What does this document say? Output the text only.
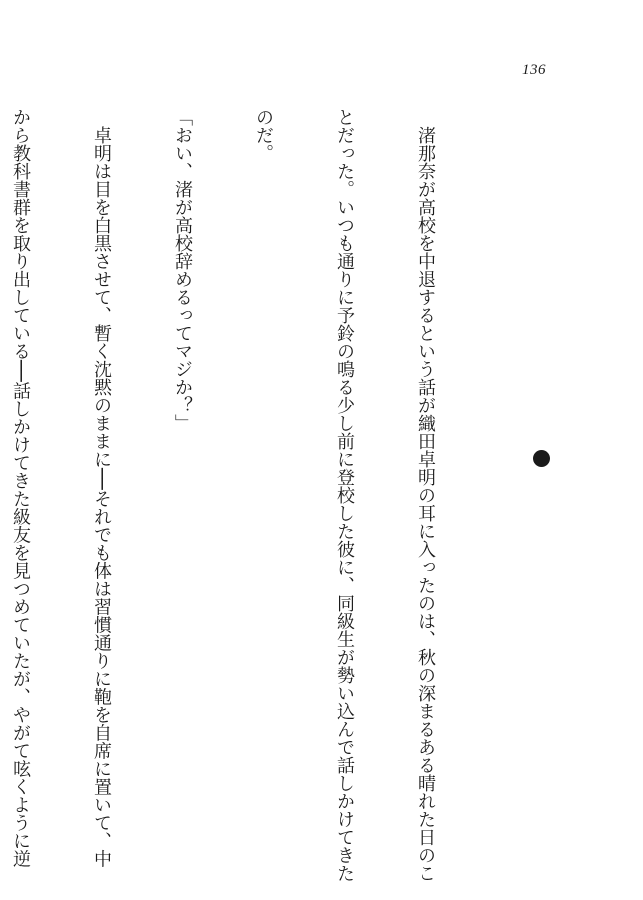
136

　渚那奈が高校を中退するという話が織田卓明の耳に入ったのは、秋の深まるある晴れた日のこ

とだった。いつも通りに予鈴の鳴る少し前に登校した彼に、同級生が勢い込んで話しかけてきた

のだ。

「おい、渚が高校辞めるってマジか？」

　卓明は目を白黒させて、暫く沈黙のままに──それでも体は習慣通りに鞄を自席に置いて、中

から教科書群を取り出している──話しかけてきた級友を見つめていたが、やがて呟くように逆
